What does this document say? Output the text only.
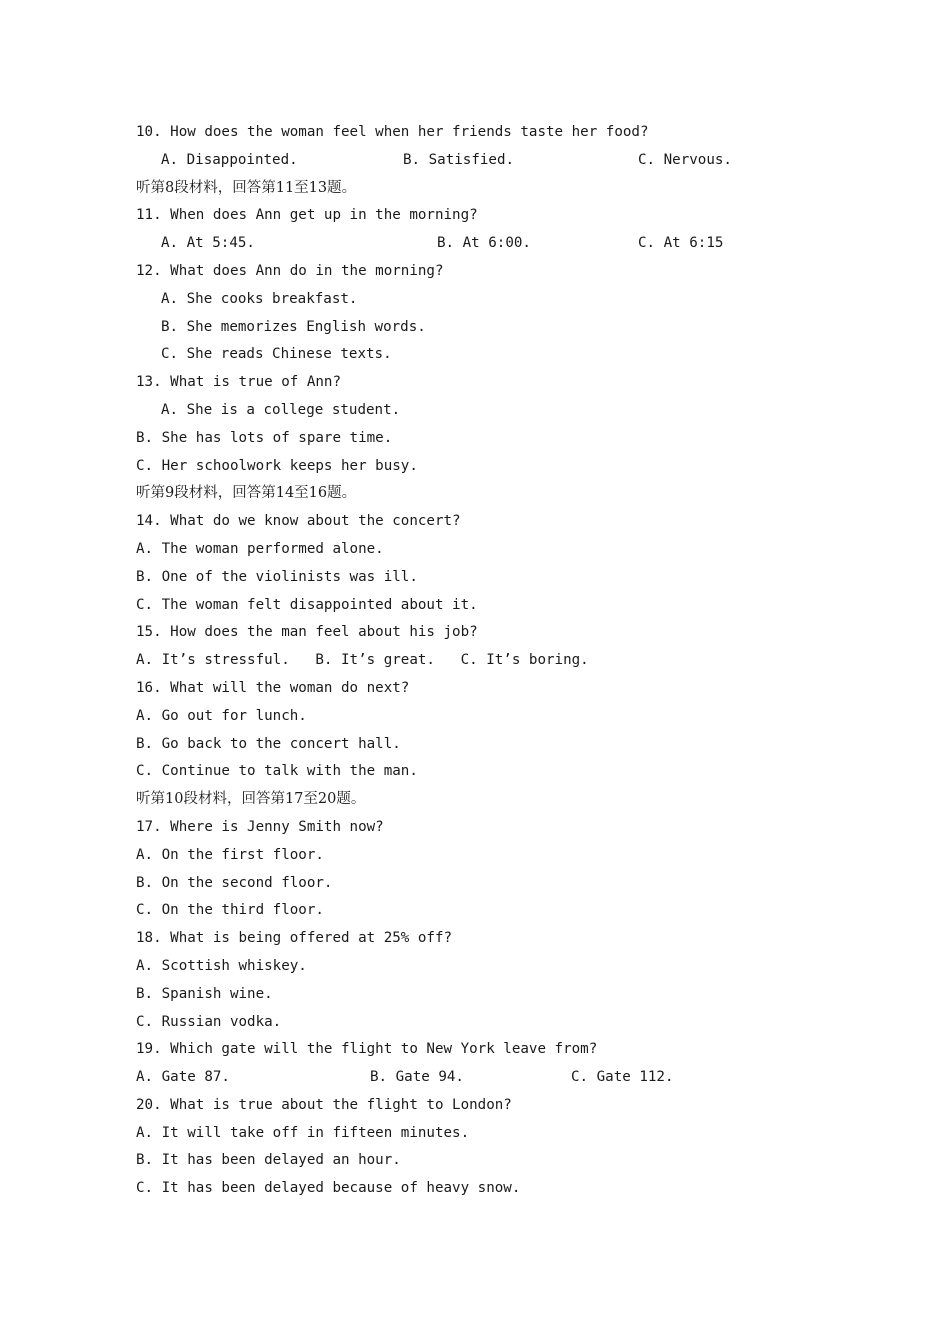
10. How does the woman feel when her friends taste her food?
A. Disappointed.	B. Satisfied.	C. Nervous.
听第8段材料，回答第11至13题。
11. When does Ann get up in the morning?
A. At 5:45.	B. At 6:00.	C. At 6:15
12. What does Ann do in the morning?
A. She cooks breakfast.
B. She memorizes English words.
C. She reads Chinese texts.
13. What is true of Ann?
A. She is a college student.
B. She has lots of spare time.
C. Her schoolwork keeps her busy.
听第9段材料，回答第14至16题。
14. What do we know about the concert?
A. The woman performed alone.
B. One of the violinists was ill.
C. The woman felt disappointed about it.
15. How does the man feel about his job?
A. It’s stressful.   B. It’s great.   C. It’s boring.
16. What will the woman do next?
A. Go out for lunch.
B. Go back to the concert hall.
C. Continue to talk with the man.
听第10段材料，回答第17至20题。
17. Where is Jenny Smith now?
A. On the first floor.
B. On the second floor.
C. On the third floor.
18. What is being offered at 25% off?
A. Scottish whiskey.
B. Spanish wine.
C. Russian vodka.
19. Which gate will the flight to New York leave from?
A. Gate 87.	B. Gate 94.	C. Gate 112.
20. What is true about the flight to London?
A. It will take off in fifteen minutes.
B. It has been delayed an hour.
C. It has been delayed because of heavy snow.
